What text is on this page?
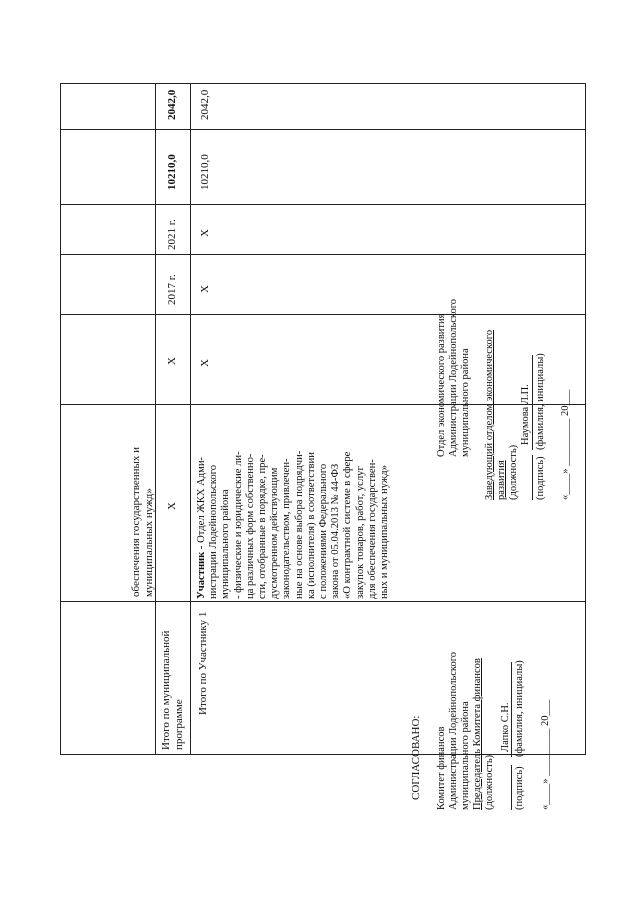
обеспечения государственных и
муниципальных нужд»
Итого по муниципальной
программе
Х
Х
2017 г.
2021 г.
10210,0
2042,0
Итого по Участнику 1
Участник - Отдел ЖКХ Адми-
нистрации Лодейнопольского
муниципального района
- физические и юридические ли-
ца различных форм собственно-
сти, отобранные в порядке, пре-
дусмотренном действующим
законодательством, привлечен-
ные на основе выбора подрядчи-
ка (исполнителя) в соответствии
с положениями Федерального
закона от 05.04.2013 № 44-ФЗ
«О контрактной системе в сфере
закупок товаров, работ, услуг
для обеспечения государствен-
ных и муниципальных нужд»
Х
Х
Х
10210,0
2042,0
СОГЛАСОВАНО: Комитет финансов
Администрации Лодейнопольского
муниципального района Председатель Комитета финансов (должность)
Лапко С.Н.
(подпись)
(фамилия, инициалы) «____» _________ 20___
Отдел экономического развития
Администрации Лодейнопольского
муниципального района
Заведующий отделом экономического
развития (должность)
Наумова Л.П.
(подпись)
(фамилия, инициалы) «____» _________ 20___
